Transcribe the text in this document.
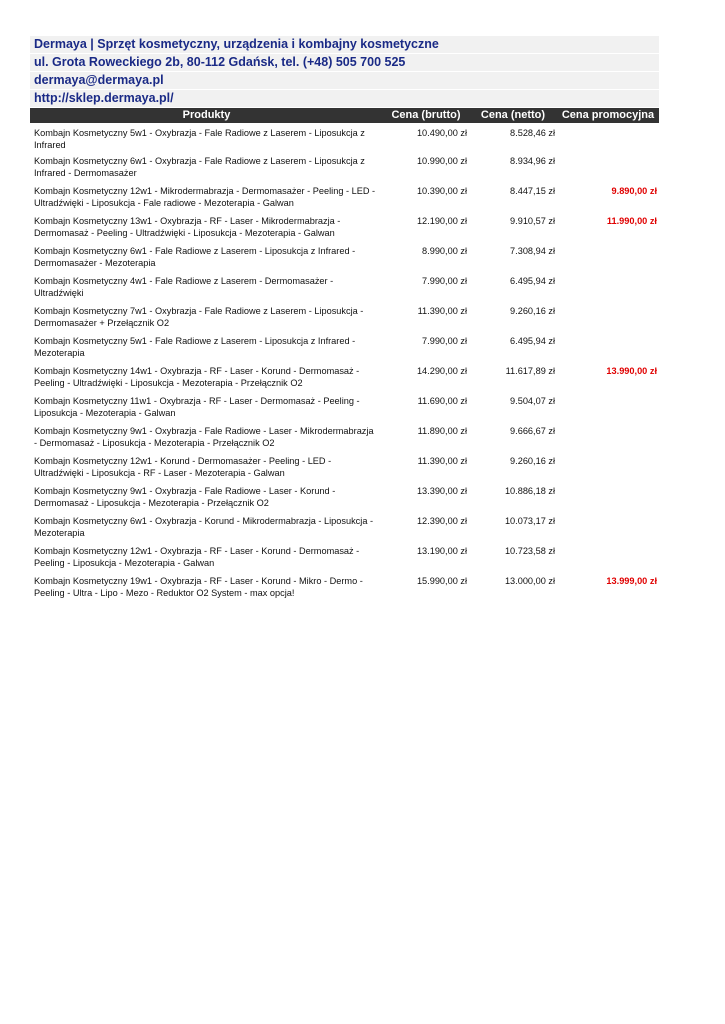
Dermaya | Sprzęt kosmetyczny, urządzenia i kombajny kosmetyczne
ul. Grota Roweckiego 2b, 80-112 Gdańsk, tel. (+48) 505 700 525
dermaya@dermaya.pl
http://sklep.dermaya.pl/
Produkty	Cena (brutto)	Cena (netto)	Cena promocyjna
Kombajn Kosmetyczny 5w1 - Oxybrazja - Fale Radiowe z Laserem - Liposukcja z Infrared	10.490,00 zł	8.528,46 zł	
Kombajn Kosmetyczny 6w1 - Oxybrazja - Fale Radiowe z Laserem - Liposukcja z Infrared - Dermomasażer	10.990,00 zł	8.934,96 zł	
Kombajn Kosmetyczny 12w1 - Mikrodermabrazja - Dermomasażer - Peeling - LED - Ultradźwięki - Liposukcja - Fale radiowe - Mezoterapia - Galwan	10.390,00 zł	8.447,15 zł	9.890,00 zł
Kombajn Kosmetyczny 13w1 - Oxybrazja - RF - Laser - Mikrodermabrazja - Dermomasaż - Peeling - Ultradźwięki - Liposukcja - Mezoterapia - Galwan	12.190,00 zł	9.910,57 zł	11.990,00 zł
Kombajn Kosmetyczny 6w1 - Fale Radiowe z Laserem - Liposukcja z Infrared - Dermomasażer - Mezoterapia	8.990,00 zł	7.308,94 zł	
Kombajn Kosmetyczny 4w1 - Fale Radiowe z Laserem - Dermomasażer - Ultradźwięki	7.990,00 zł	6.495,94 zł	
Kombajn Kosmetyczny 7w1 - Oxybrazja - Fale Radiowe z Laserem - Liposukcja - Dermomasażer + Przełącznik O2	11.390,00 zł	9.260,16 zł	
Kombajn Kosmetyczny 5w1 - Fale Radiowe z Laserem - Liposukcja z Infrared - Mezoterapia	7.990,00 zł	6.495,94 zł	
Kombajn Kosmetyczny 14w1 - Oxybrazja - RF - Laser - Korund - Dermomasaż - Peeling - Ultradźwięki - Liposukcja - Mezoterapia - Przełącznik O2	14.290,00 zł	11.617,89 zł	13.990,00 zł
Kombajn Kosmetyczny 11w1 - Oxybrazja - RF - Laser - Dermomasaż - Peeling - Liposukcja - Mezoterapia - Galwan	11.690,00 zł	9.504,07 zł	
Kombajn Kosmetyczny 9w1 - Oxybrazja - Fale Radiowe - Laser - Mikrodermabrazja - Dermomasaż - Liposukcja - Mezoterapia - Przełącznik O2	11.890,00 zł	9.666,67 zł	
Kombajn Kosmetyczny 12w1 - Korund - Dermomasażer - Peeling - LED - Ultradźwięki - Liposukcja - RF - Laser - Mezoterapia - Galwan	11.390,00 zł	9.260,16 zł	
Kombajn Kosmetyczny 9w1 - Oxybrazja - Fale Radiowe - Laser - Korund - Dermomasaż - Liposukcja - Mezoterapia - Przełącznik O2	13.390,00 zł	10.886,18 zł	
Kombajn Kosmetyczny 6w1 - Oxybrazja - Korund - Mikrodermabrazja - Liposukcja - Mezoterapia	12.390,00 zł	10.073,17 zł	
Kombajn Kosmetyczny 12w1 - Oxybrazja - RF - Laser - Korund - Dermomasaż - Peeling - Liposukcja - Mezoterapia - Galwan	13.190,00 zł	10.723,58 zł	
Kombajn Kosmetyczny 19w1 - Oxybrazja - RF - Laser - Korund - Mikro - Dermo - Peeling - Ultra - Lipo - Mezo - Reduktor O2 System - max opcja!	15.990,00 zł	13.000,00 zł	13.999,00 zł
